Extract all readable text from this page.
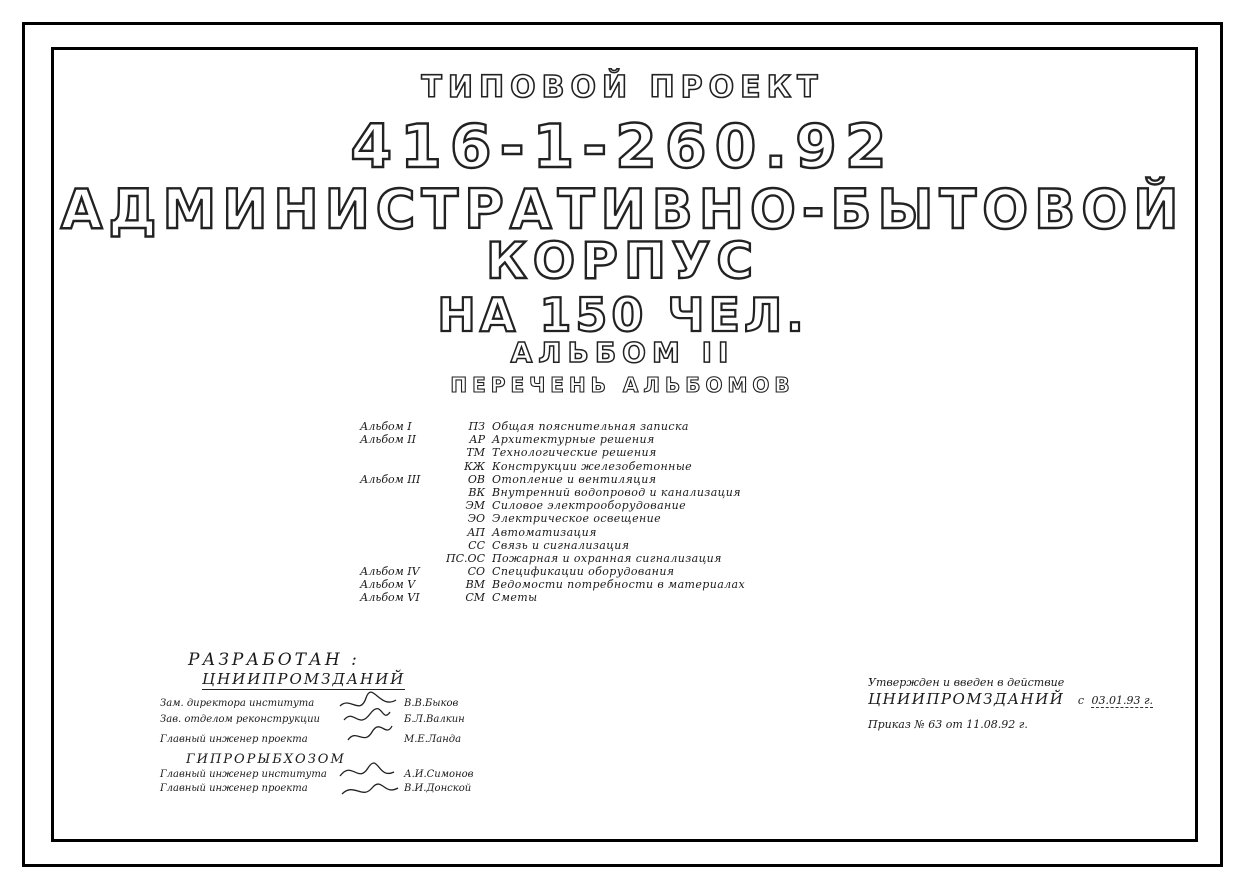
ТИПОВОЙ ПРОЕКТ
416-1-260.92
АДМИНИСТРАТИВНО-БЫТОВОЙ
КОРПУС
НА 150 ЧЕЛ.
АЛЬБОМ II
ПЕРЕЧЕНЬ АЛЬБОМОВ
Альбом I	ПЗ Общая пояснительная записка
Альбом II	АР Архитектурные решения
ТМ Технологические решения
КЖ Конструкции железобетонные
Альбом III	ОВ Отопление и вентиляция
ВК Внутренний водопровод и канализация
ЭМ Силовое электрооборудование
ЭО Электрическое освещение
АП Автоматизация
СС Связь и сигнализация
ПС.ОС Пожарная и охранная сигнализация
Альбом IV	СО Спецификации оборудования
Альбом V	ВМ Ведомости потребности в материалах
Альбом VI	СМ Сметы
РАЗРАБОТАН :
ЦНИИПРОМЗДАНИЙ
Зам. директора института	В.В.Быков
Зав. отделом реконструкции	Б.Л.Валкин
Главный инженер проекта	М.Е.Ланда
ГИПРОРЫБХОЗОМ
Главный инженер института	А.И.Симонов
Главный инженер проекта	В.И.Донской
Утвержден и введен в действие
ЦНИИПРОМЗДАНИЙ с 03.01.93 г.
Приказ № 63 от 11.08.92 г.
